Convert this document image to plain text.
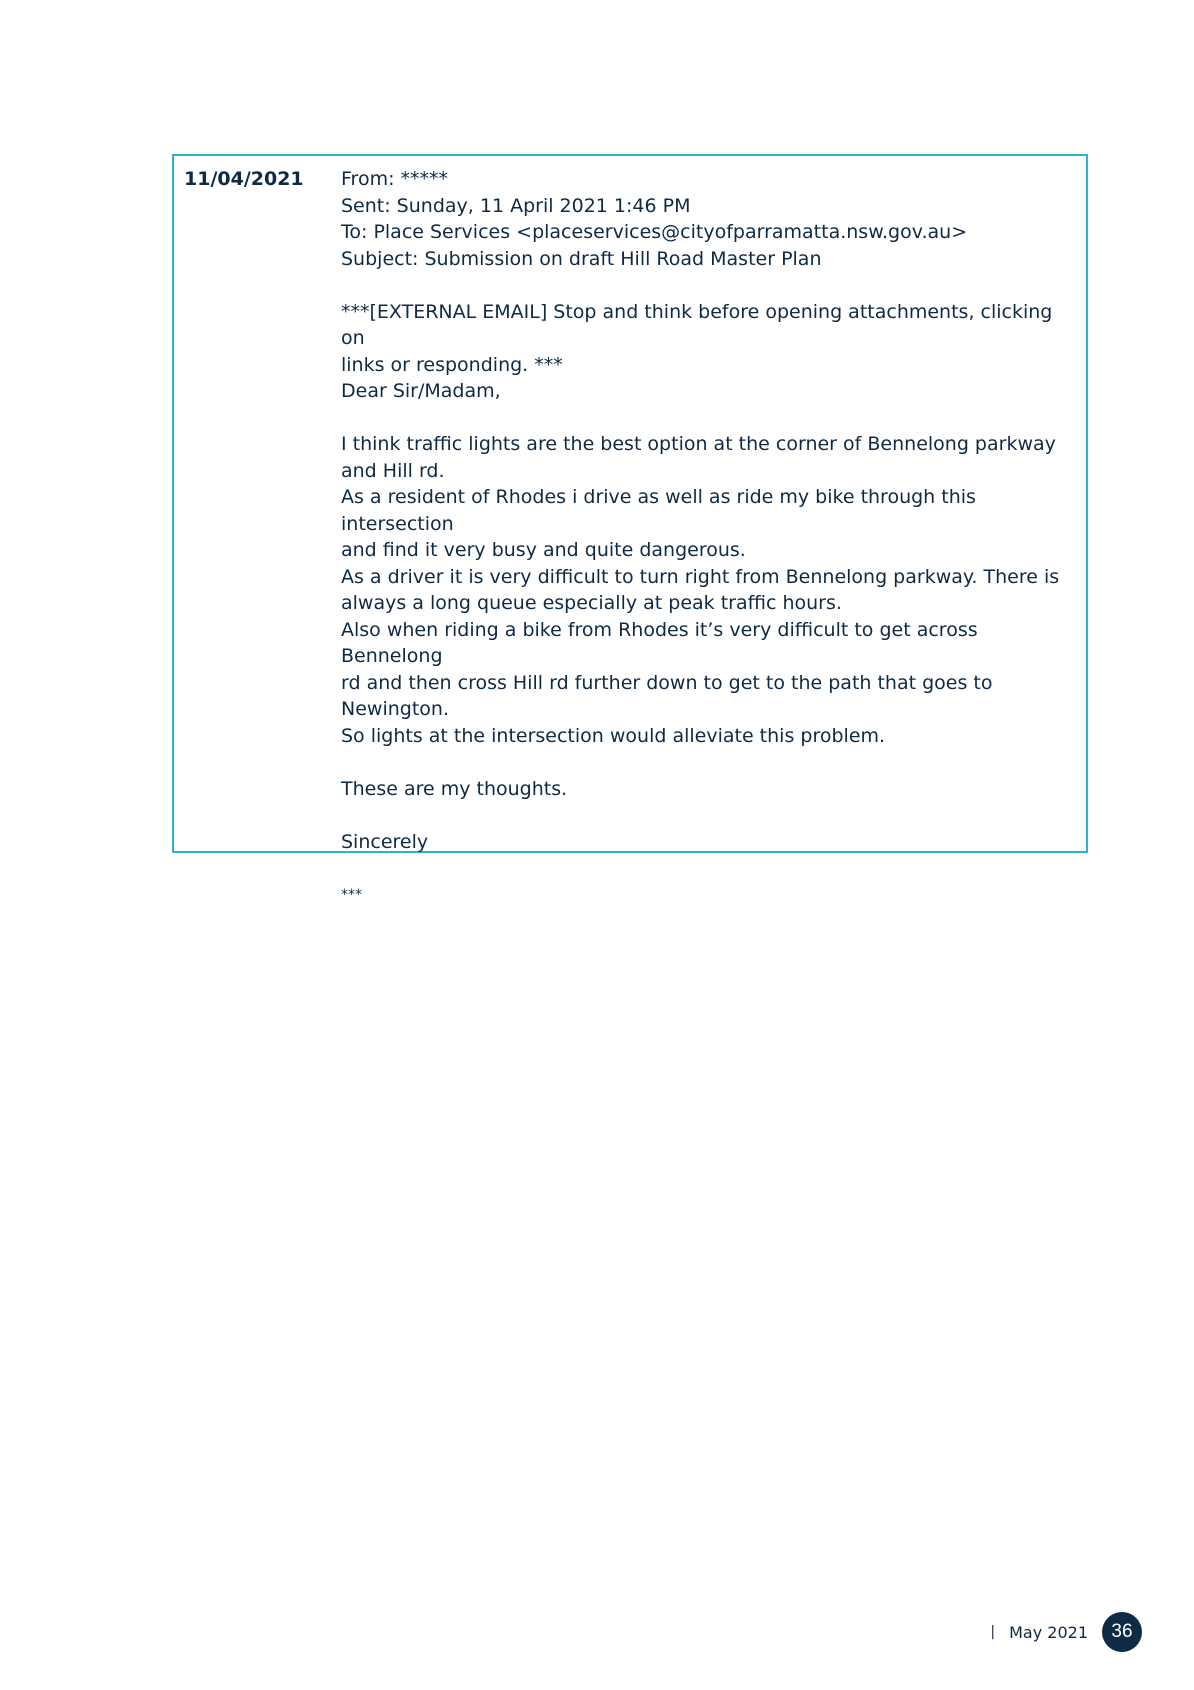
11/04/2021 From: *****

Sent: Sunday, 11 April 2021 1:46 PM

To: Place Services <placeservices@cityofparramatta.nsw.gov.au>

Subject: Submission on draft Hill Road Master Plan

***[EXTERNAL EMAIL] Stop and think before opening attachments, clicking on

links or responding. ***

Dear Sir/Madam,

I think traffic lights are the best option at the corner of Bennelong parkway

and Hill rd.

As a resident of Rhodes i drive as well as ride my bike through this intersection

and find it very busy and quite dangerous.

As a driver it is very difficult to turn right from Bennelong parkway. There is

always a long queue especially at peak traffic hours.

Also when riding a bike from Rhodes it’s very difficult to get across Bennelong

rd and then cross Hill rd further down to get to the path that goes to

Newington.

So lights at the intersection would alleviate this problem.

These are my thoughts.

Sincerely

***

| May 2021	36
